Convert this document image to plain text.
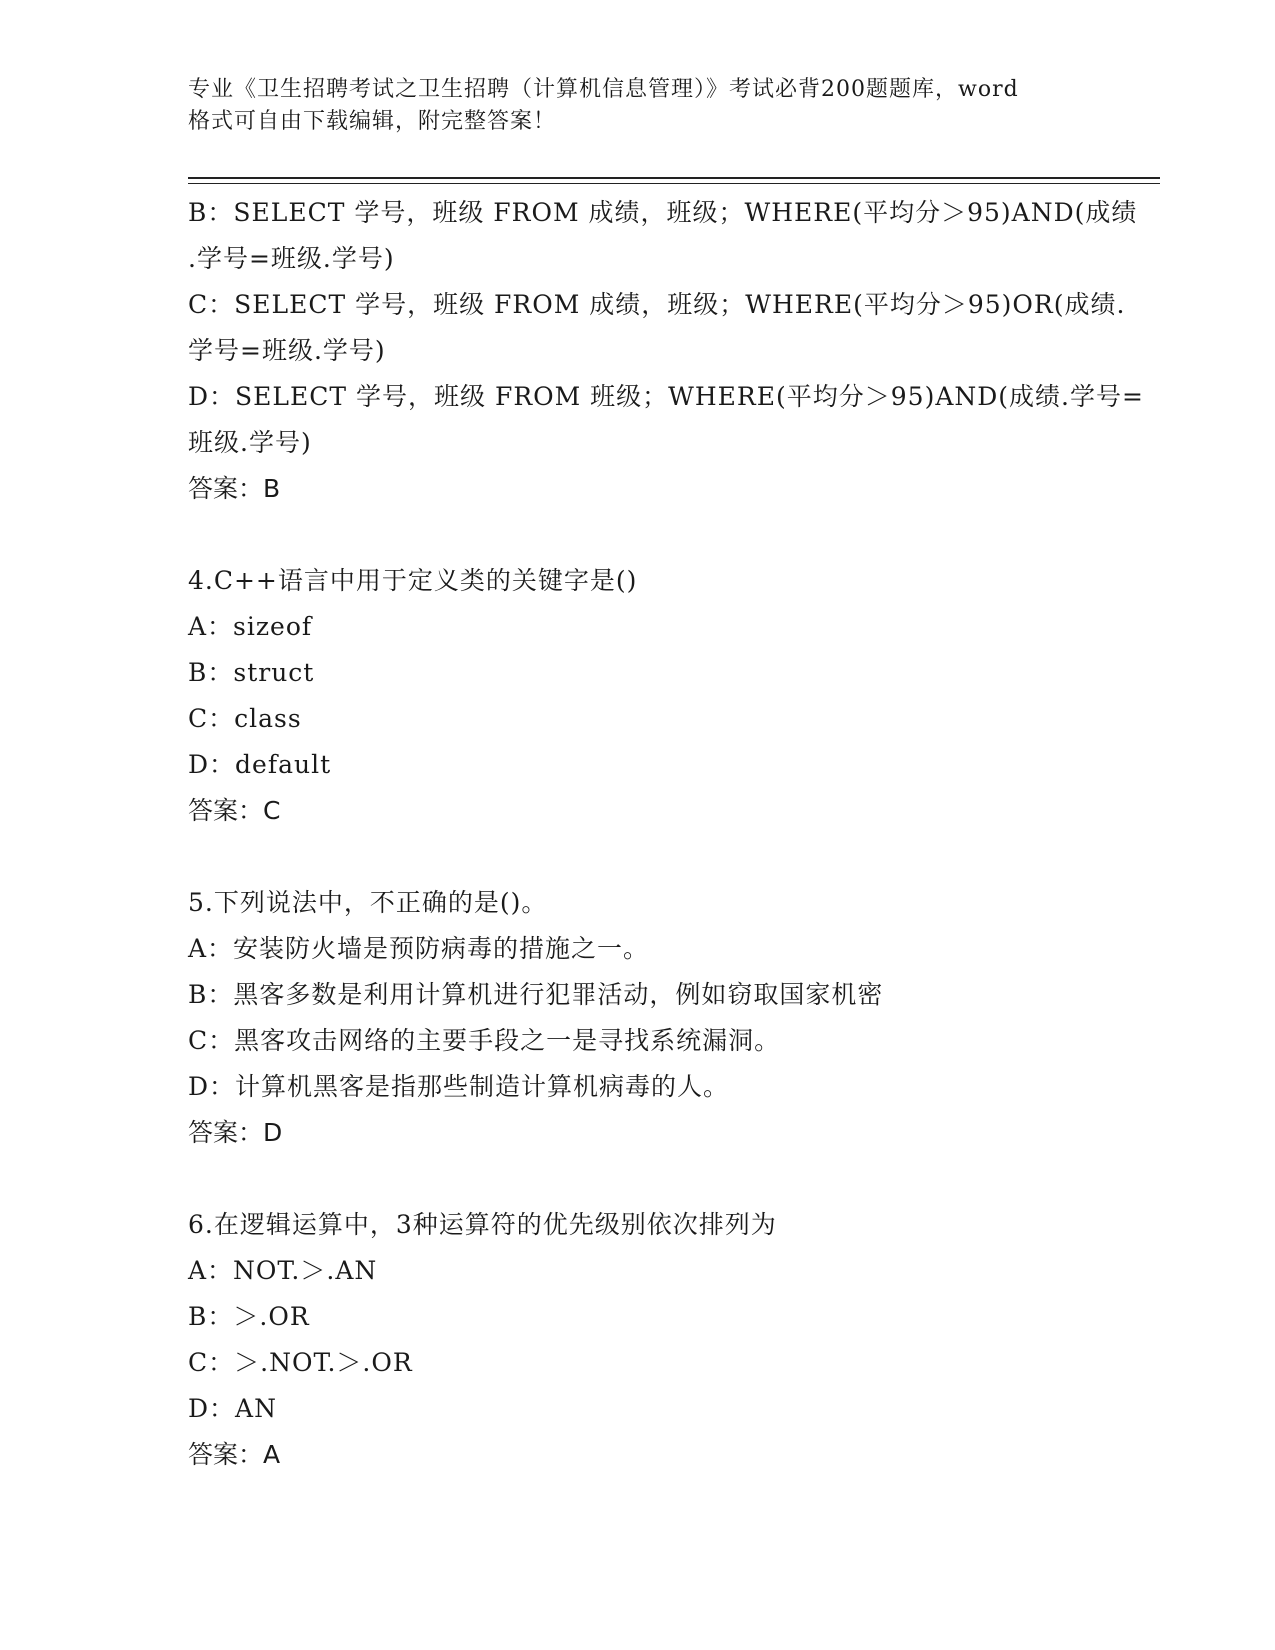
专业《卫生招聘考试之卫生招聘（计算机信息管理）》考试必背200题题库，word
格式可自由下载编辑，附完整答案！
B：SELECT 学号，班级 FROM 成绩，班级；WHERE(平均分＞95)AND(成绩
.学号=班级.学号)
C：SELECT 学号，班级 FROM 成绩，班级；WHERE(平均分＞95)OR(成绩.
学号=班级.学号)
D：SELECT 学号，班级 FROM 班级；WHERE(平均分＞95)AND(成绩.学号=
班级.学号)
答案：B
4.C++语言中用于定义类的关键字是()
A：sizeof
B：struct
C：class
D：default
答案：C
5.下列说法中，不正确的是()。
A：安装防火墙是预防病毒的措施之一。
B：黑客多数是利用计算机进行犯罪活动，例如窃取国家机密
C：黑客攻击网络的主要手段之一是寻找系统漏洞。
D：计算机黑客是指那些制造计算机病毒的人。
答案：D
6.在逻辑运算中，3种运算符的优先级别依次排列为
A：NOT.＞.AN
B：＞.OR
C：＞.NOT.＞.OR
D：AN
答案：A
